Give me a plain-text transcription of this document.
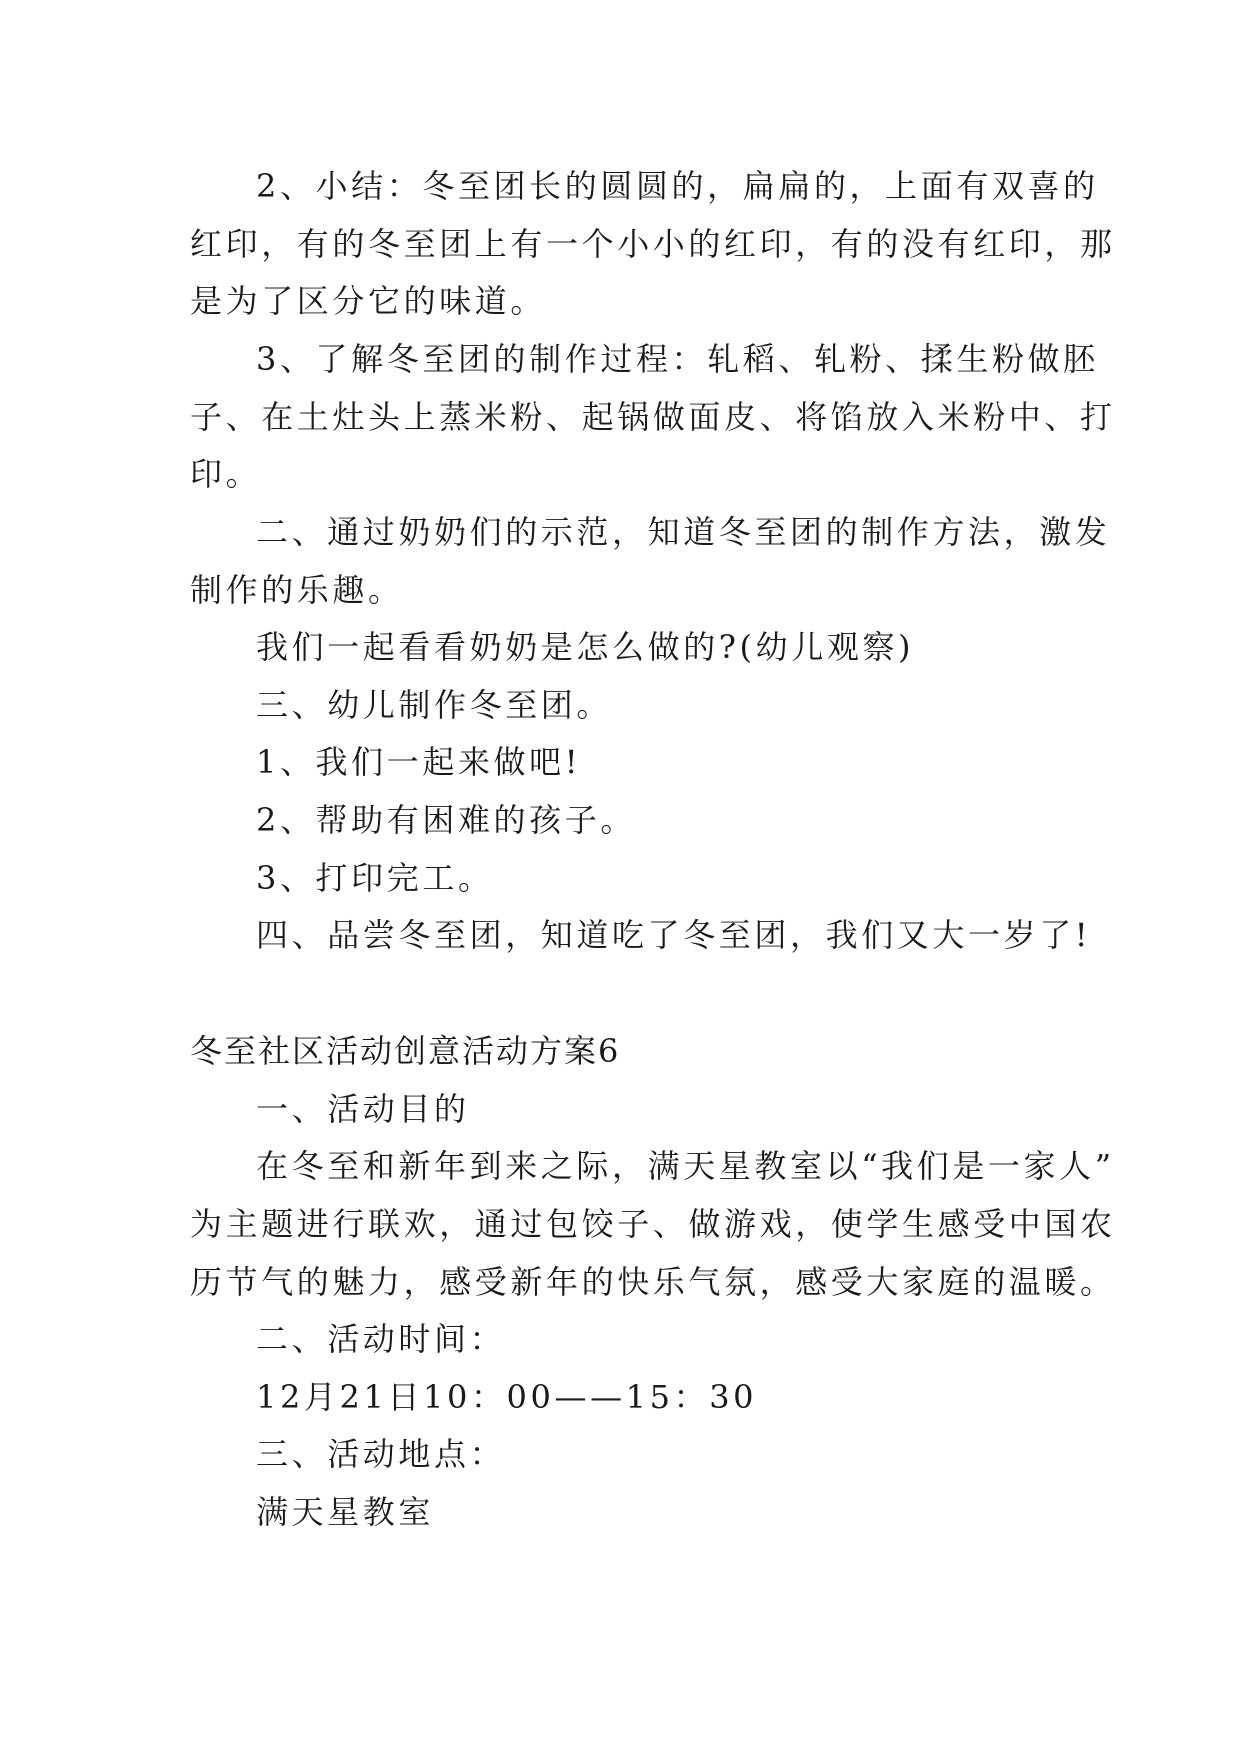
2、小结：冬至团长的圆圆的，扁扁的，上面有双喜的
红印，有的冬至团上有一个小小的红印，有的没有红印，那
是为了区分它的味道。
3、了解冬至团的制作过程：轧稻、轧粉、揉生粉做胚
子、在土灶头上蒸米粉、起锅做面皮、将馅放入米粉中、打
印。
二、通过奶奶们的示范，知道冬至团的制作方法，激发
制作的乐趣。
我们一起看看奶奶是怎么做的?(幼儿观察)
三、幼儿制作冬至团。
1、我们一起来做吧!
2、帮助有困难的孩子。
3、打印完工。
四、品尝冬至团，知道吃了冬至团，我们又大一岁了!
冬至社区活动创意活动方案6
一、活动目的
在冬至和新年到来之际，满天星教室以“我们是一家人”
为主题进行联欢，通过包饺子、做游戏，使学生感受中国农
历节气的魅力，感受新年的快乐气氛，感受大家庭的温暖。
二、活动时间：
12月21日10：00——15：30
三、活动地点：
满天星教室
